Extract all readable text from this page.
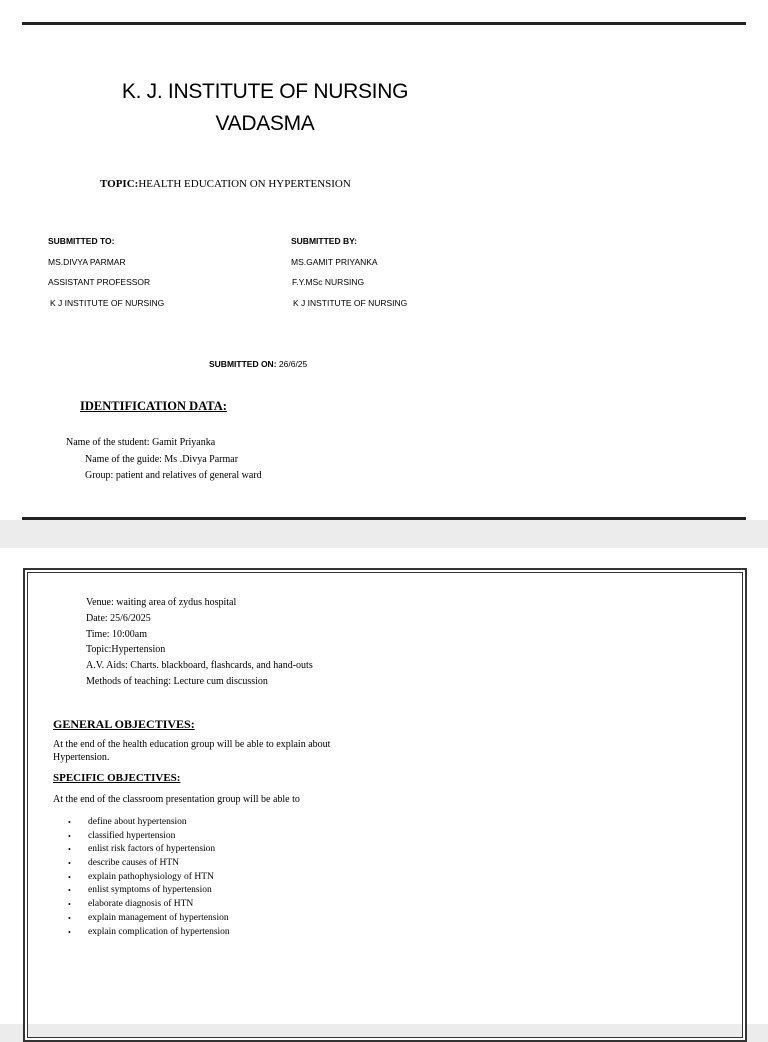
K. J. INSTITUTE OF NURSING
VADASMA
TOPIC:HEALTH EDUCATION ON HYPERTENSION
SUBMITTED TO:
MS.DIVYA PARMAR
ASSISTANT PROFESSOR
K J INSTITUTE OF NURSING
SUBMITTED BY:
MS.GAMIT PRIYANKA
F.Y.MSc NURSING
K J INSTITUTE OF NURSING
SUBMITTED ON: 26/6/25
IDENTIFICATION DATA:
Name of the student: Gamit Priyanka
Name of the guide: Ms .Divya Parmar
Group: patient and relatives of general ward
Venue: waiting area of zydus hospital
Date: 25/6/2025
Time: 10:00am
Topic:Hypertension
A.V. Aids: Charts. blackboard, flashcards, and hand-outs
Methods of teaching: Lecture cum discussion
GENERAL OBJECTIVES:
At the end of the health education group will be able to explain about Hypertension.
SPECIFIC OBJECTIVES:
At the end of the classroom presentation group will be able to
•	define about hypertension
•	classified hypertension
•	enlist risk factors of hypertension
•	describe causes of HTN
•	explain pathophysiology of HTN
•	enlist symptoms of hypertension
•	elaborate diagnosis of HTN
•	explain management of hypertension
•	explain complication of hypertension
